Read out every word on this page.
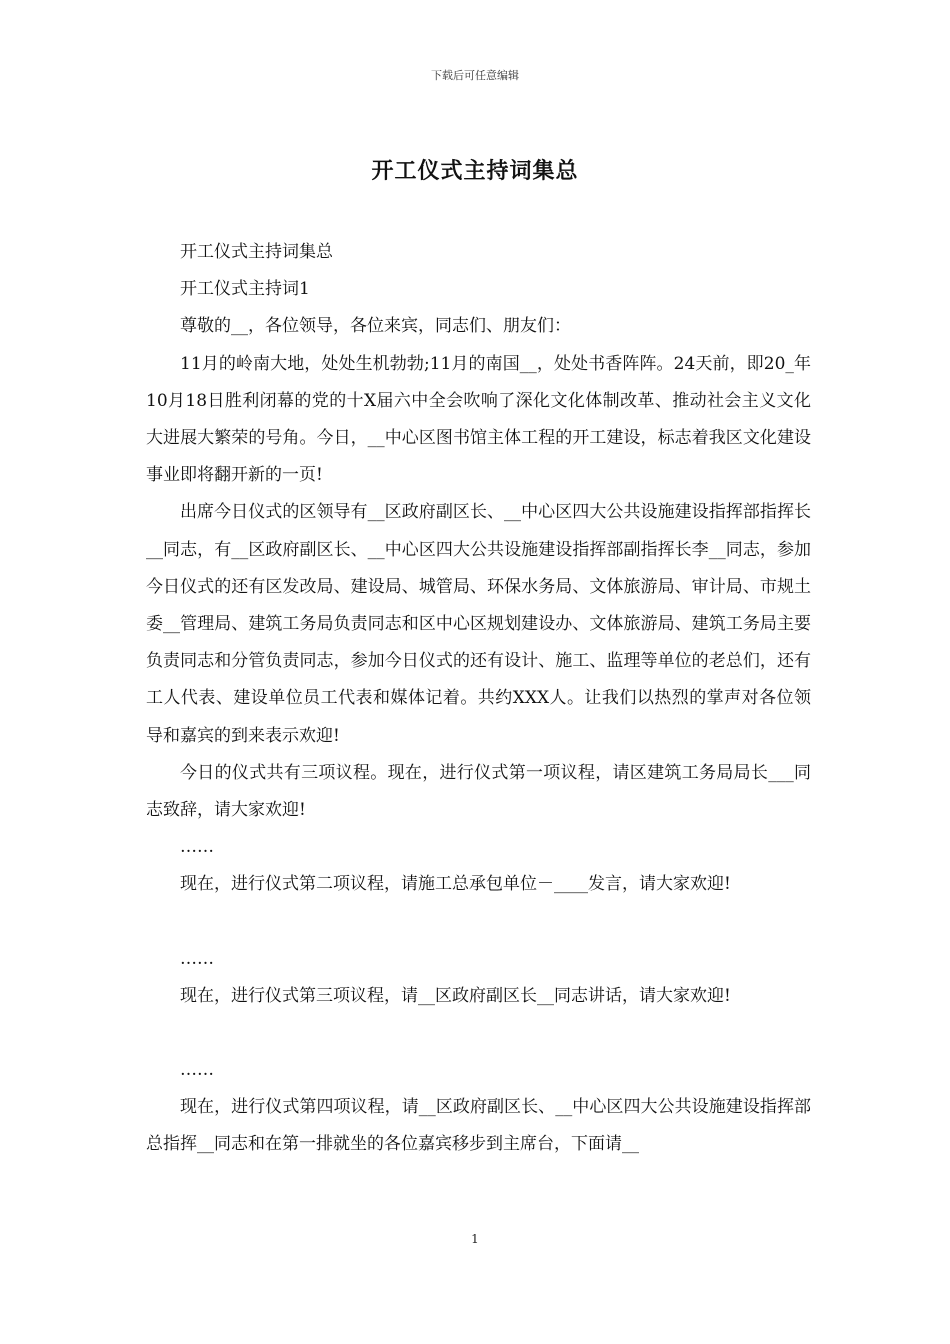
下载后可任意编辑
开工仪式主持词集总

开工仪式主持词集总

开工仪式主持词1

尊敬的__，各位领导，各位来宾，同志们、朋友们：

11月的岭南大地，处处生机勃勃;11月的南国__，处处书香阵阵。24天前，即20_年10月18日胜利闭幕的党的十X届六中全会吹响了深化文化体制改革、推动社会主义文化大进展大繁荣的号角。今日，__中心区图书馆主体工程的开工建设，标志着我区文化建设事业即将翻开新的一页!

出席今日仪式的区领导有__区政府副区长、__中心区四大公共设施建设指挥部指挥长__同志，有__区政府副区长、__中心区四大公共设施建设指挥部副指挥长李__同志，参加今日仪式的还有区发改局、建设局、城管局、环保水务局、文体旅游局、审计局、市规土委__管理局、建筑工务局负责同志和区中心区规划建设办、文体旅游局、建筑工务局主要负责同志和分管负责同志，参加今日仪式的还有设计、施工、监理等单位的老总们，还有工人代表、建设单位员工代表和媒体记着。共约XXX人。让我们以热烈的掌声对各位领导和嘉宾的到来表示欢迎!

今日的仪式共有三项议程。现在，进行仪式第一项议程，请区建筑工务局局长___同志致辞，请大家欢迎!

……

现在，进行仪式第二项议程，请施工总承包单位－____发言，请大家欢迎!

……

现在，进行仪式第三项议程，请__区政府副区长__同志讲话，请大家欢迎!

……

现在，进行仪式第四项议程，请__区政府副区长、__中心区四大公共设施建设指挥部总指挥__同志和在第一排就坐的各位嘉宾移步到主席台，下面请__

1
